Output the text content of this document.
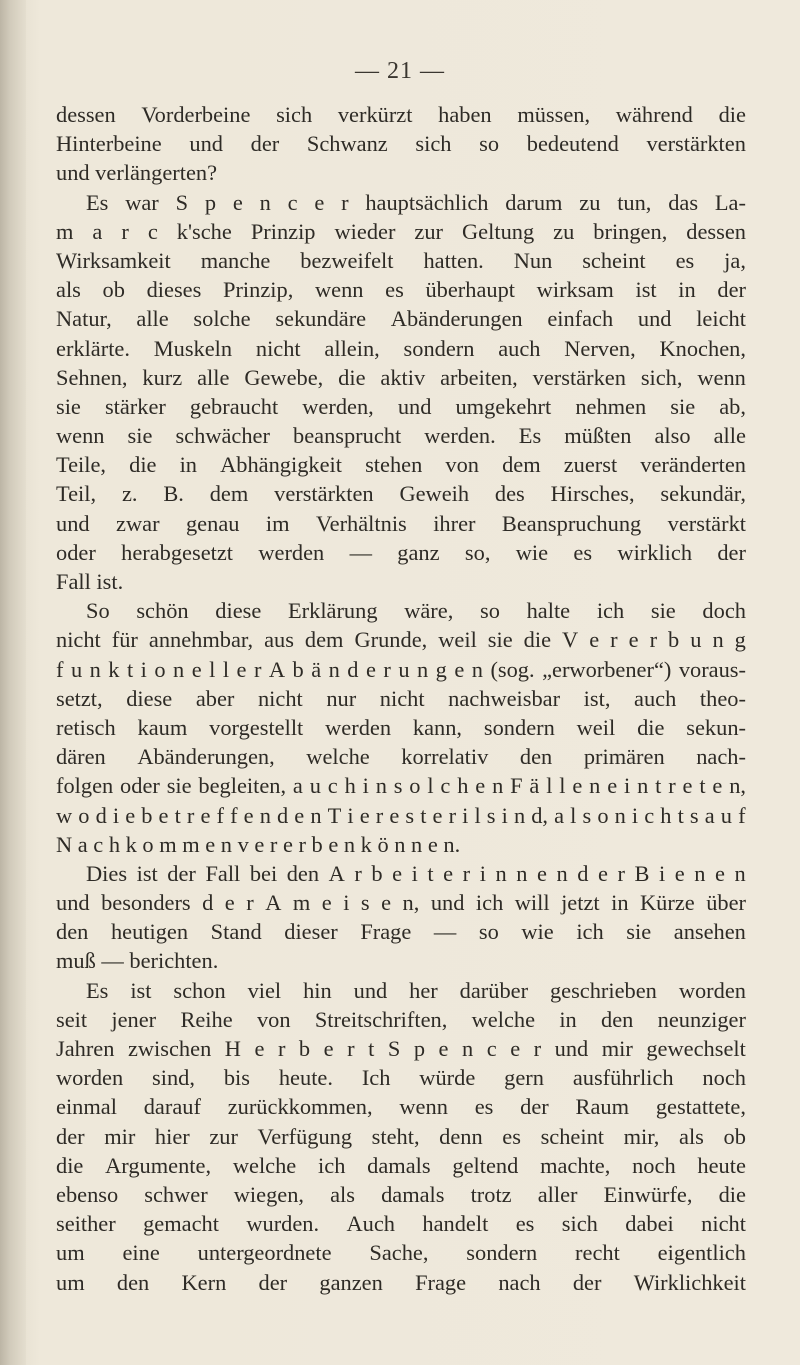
— 21 —
dessen Vorderbeine sich verkürzt haben müssen, während die
Hinterbeine und der Schwanz sich so bedeutend verstärkten
und verlängerten?
Es war S p e n c e r hauptsächlich darum zu tun, das La-
m a r c k'sche Prinzip wieder zur Geltung zu bringen, dessen
Wirksamkeit manche bezweifelt hatten. Nun scheint es ja,
als ob dieses Prinzip, wenn es überhaupt wirksam ist in der
Natur, alle solche sekundäre Abänderungen einfach und leicht
erklärte. Muskeln nicht allein, sondern auch Nerven, Knochen,
Sehnen, kurz alle Gewebe, die aktiv arbeiten, verstärken sich, wenn
sie stärker gebraucht werden, und umgekehrt nehmen sie ab,
wenn sie schwächer beansprucht werden. Es müßten also alle
Teile, die in Abhängigkeit stehen von dem zuerst veränderten
Teil, z. B. dem verstärkten Geweih des Hirsches, sekundär,
und zwar genau im Verhältnis ihrer Beanspruchung verstärkt
oder herabgesetzt werden — ganz so, wie es wirklich der
Fall ist.
So schön diese Erklärung wäre, so halte ich sie doch
nicht für annehmbar, aus dem Grunde, weil sie die V e r e r b u n g
f u n k t i o n e l l e r A b ä n d e r u n g e n (sog. „erworbener“) voraus-
setzt, diese aber nicht nur nicht nachweisbar ist, auch theo-
retisch kaum vorgestellt werden kann, sondern weil die sekun-
dären Abänderungen, welche korrelativ den primären nach-
folgen oder sie begleiten, a u c h i n s o l c h e n F ä l l e n e i n t r e t e n,
w o d i e b e t r e f f e n d e n T i e r e s t e r i l s i n d, a l s o n i c h t s a u f
N a c h k o m m e n v e r e r b e n k ö n n e n.
Dies ist der Fall bei den A r b e i t e r i n n e n d e r B i e n e n
und besonders d e r A m e i s e n, und ich will jetzt in Kürze über
den heutigen Stand dieser Frage — so wie ich sie ansehen
muß — berichten.
Es ist schon viel hin und her darüber geschrieben worden
seit jener Reihe von Streitschriften, welche in den neunziger
Jahren zwischen H e r b e r t S p e n c e r und mir gewechselt
worden sind, bis heute. Ich würde gern ausführlich noch
einmal darauf zurückkommen, wenn es der Raum gestattete,
der mir hier zur Verfügung steht, denn es scheint mir, als ob
die Argumente, welche ich damals geltend machte, noch heute
ebenso schwer wiegen, als damals trotz aller Einwürfe, die
seither gemacht wurden. Auch handelt es sich dabei nicht
um eine untergeordnete Sache, sondern recht eigentlich
um den Kern der ganzen Frage nach der Wirklichkeit
